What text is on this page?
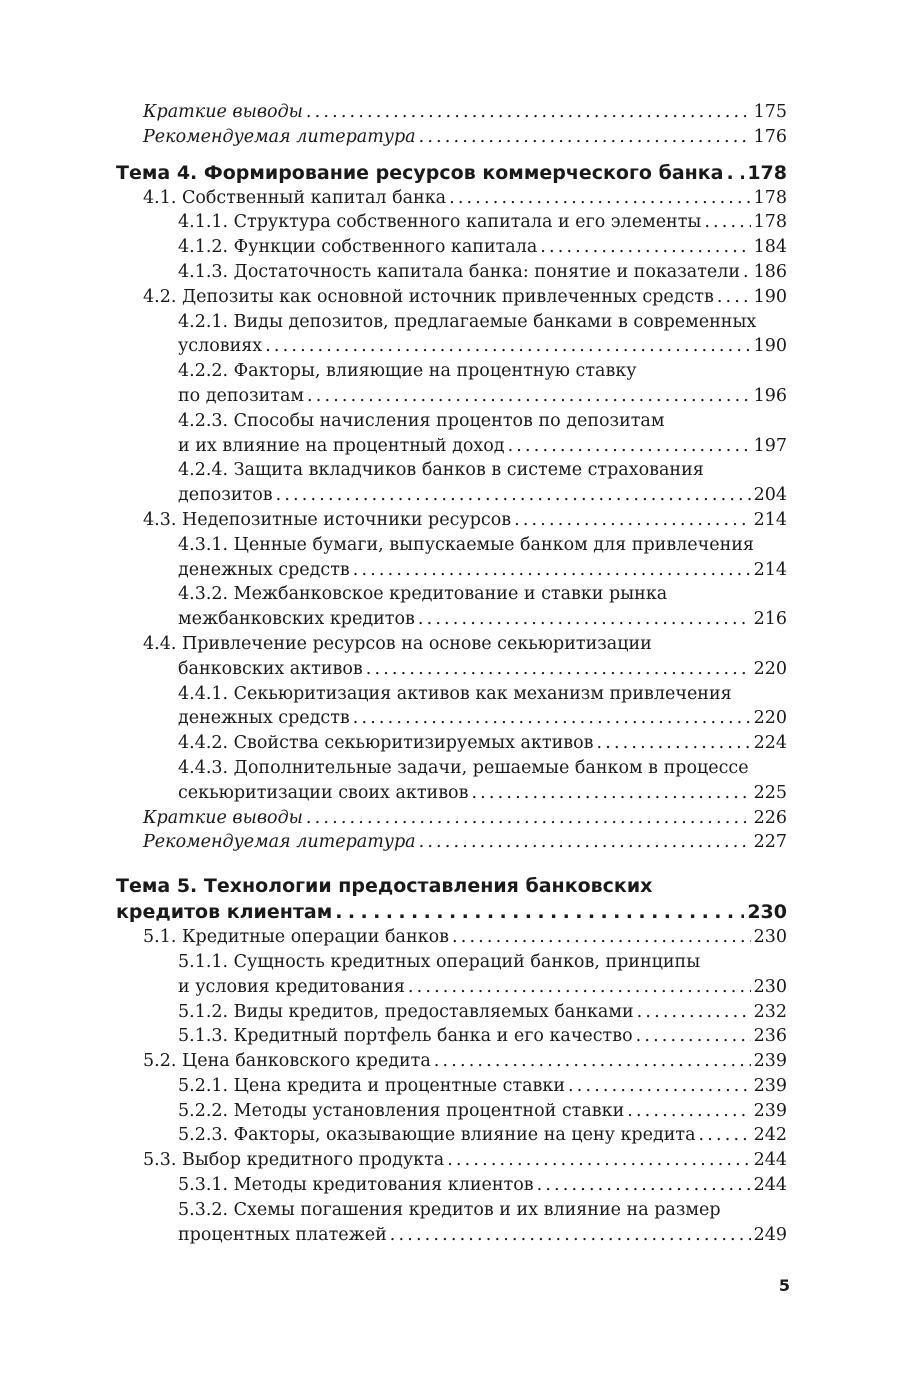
Краткие выводы . . .	175
Рекомендуемая литература . . .	176
Тема 4. Формирование ресурсов коммерческого банка . . . 178
4.1. Собственный капитал банка . . .	178
4.1.1. Структура собственного капитала и его элементы . . .	178
4.1.2. Функции собственного капитала . . .	184
4.1.3. Достаточность капитала банка: понятие и показатели . . . 186
4.2. Депозиты как основной источник привлеченных средств . . . 190
4.2.1. Виды депозитов, предлагаемые банками в современных
условиях . . .	190
4.2.2. Факторы, влияющие на процентную ставку
по депозитам . . .	196
4.2.3. Способы начисления процентов по депозитам
и их влияние на процентный доход . . .	197
4.2.4. Защита вкладчиков банков в системе страхования
депозитов . . .	204
4.3. Недепозитные источники ресурсов . . .	214
4.3.1. Ценные бумаги, выпускаемые банком для привлечения
денежных средств . . .	214
4.3.2. Межбанковское кредитование и ставки рынка
межбанковских кредитов . . .	216
4.4. Привлечение ресурсов на основе секьюритизации
банковских активов . . .	220
4.4.1. Секьюритизация активов как механизм привлечения
денежных средств . . .	220
4.4.2. Свойства секьюритизируемых активов . . .	224
4.4.3. Дополнительные задачи, решаемые банком в процессе
секьюритизации своих активов . . .	225
Краткие выводы . . .	226
Рекомендуемая литература . . .	227
Тема 5. Технологии предоставления банковских
кредитов клиентам . . .	230
5.1. Кредитные операции банков . . .	230
5.1.1. Сущность кредитных операций банков, принципы
и условия кредитования . . .	230
5.1.2. Виды кредитов, предоставляемых банками . . .	232
5.1.3. Кредитный портфель банка и его качество . . .	236
5.2. Цена банковского кредита . . .	239
5.2.1. Цена кредита и процентные ставки . . .	239
5.2.2. Методы установления процентной ставки . . .	239
5.2.3. Факторы, оказывающие влияние на цену кредита . . .	242
5.3. Выбор кредитного продукта . . .	244
5.3.1. Методы кредитования клиентов . . .	244
5.3.2. Схемы погашения кредитов и их влияние на размер
процентных платежей . . .	249
5
